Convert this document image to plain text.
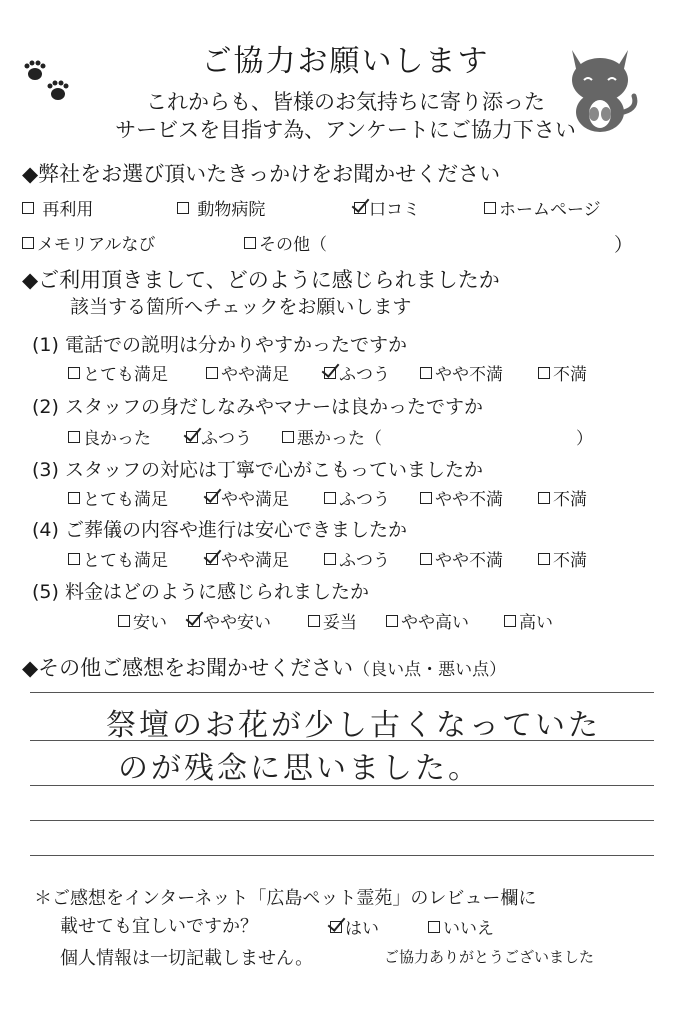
ご協力お願いします
これからも、皆様のお気持ちに寄り添った
サービスを目指す為、アンケートにご協力下さい
◆弊社をお選び頂いたきっかけをお聞かせください

再利用
	動物病院	口コミ	ホームページ
メモリアルなび	その他（	）
◆ご利用頂きまして、どのように感じられましたか
該当する箇所へチェックをお願いします
(1) 電話での説明は分かりやすかったですか
とても満足	やや満足	ふつう	やや不満	不満
(2) スタッフの身だしなみやマナーは良かったですか
良かった	ふつう	悪かった（	）
(3) スタッフの対応は丁寧で心がこもっていましたか
とても満足	やや満足	ふつう	やや不満	不満
(4) ご葬儀の内容や進行は安心できましたか
とても満足	やや満足	ふつう	やや不満	不満
(5) 料金はどのように感じられましたか
安い やや安い	妥当	やや高い	高い
◆その他ご感想をお聞かせください（良い点・悪い点）
祭壇のお花が少し古くなっていた
のが残念に思いました。
＊ご感想をインターネット「広島ペット霊苑」のレビュー欄に
載せても宜しいですか？	はい	いいえ
個人情報は一切記載しません。	ご協力ありがとうございました
